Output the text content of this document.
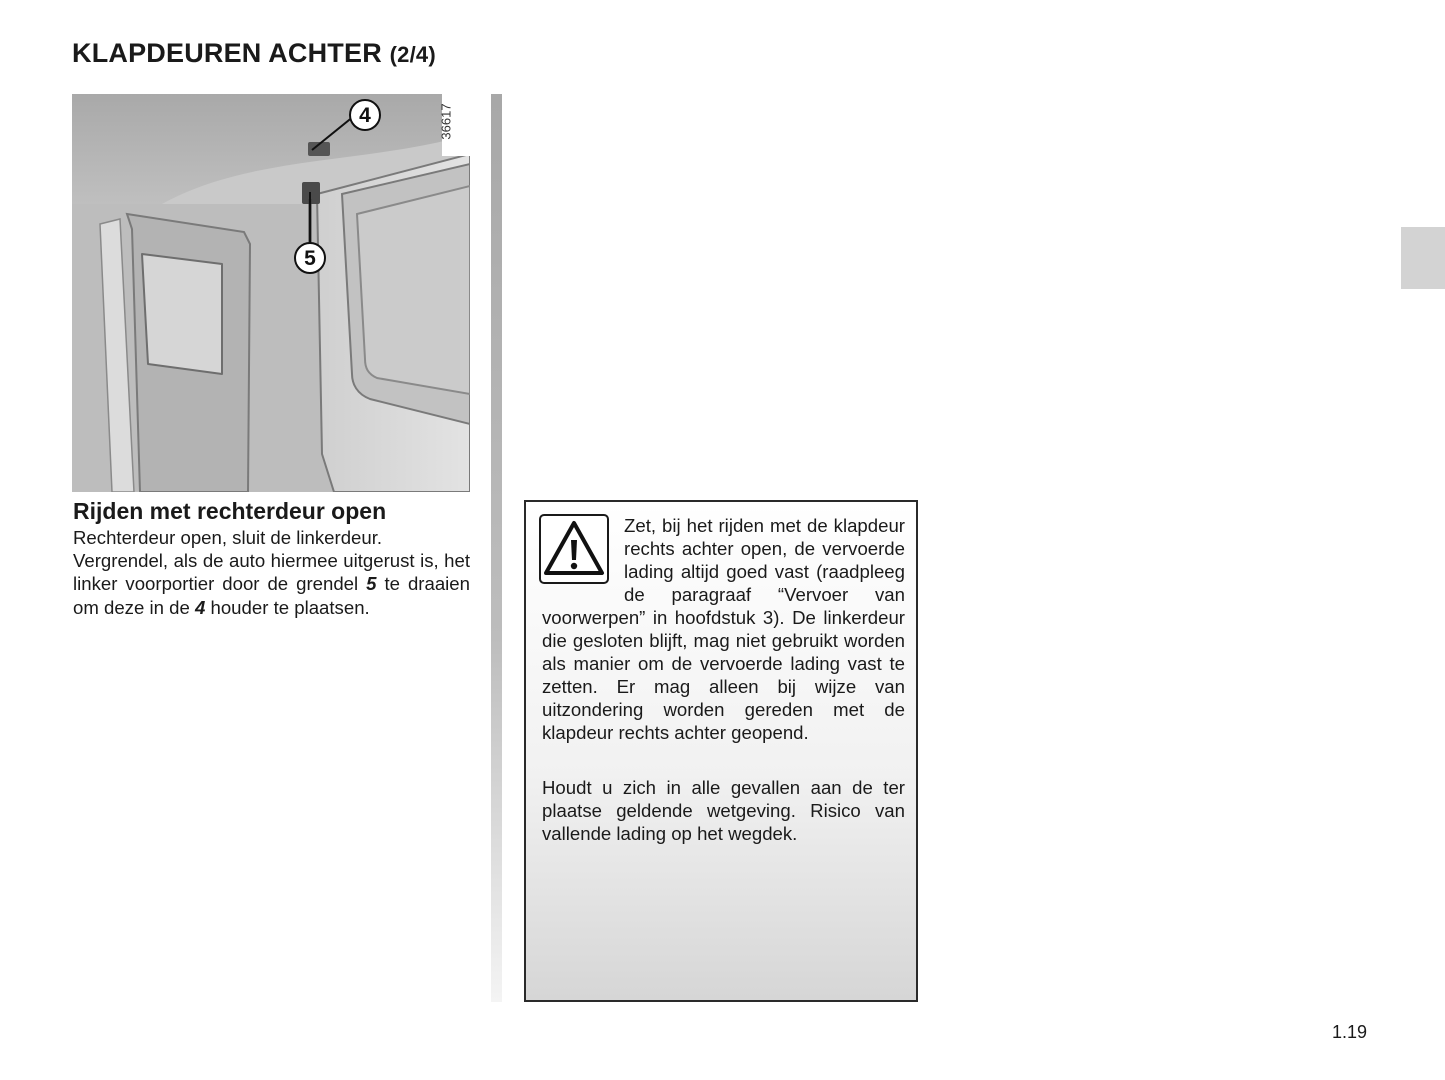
KLAPDEUREN ACHTER (2/4)
4
5
36617
Rijden met rechterdeur open

Rechterdeur open, sluit de linkerdeur.
Vergrendel, als de auto hiermee uitgerust is, het linker voorportier door de grendel 5 te draaien om deze in de 4 houder te plaatsen.

Zet, bij het rijden met de klapdeur rechts achter open, de vervoerde lading altijd goed vast (raadpleeg de paragraaf “Vervoer van voorwerpen” in hoofdstuk 3). De linkerdeur die gesloten blijft, mag niet gebruikt worden als manier om de vervoerde lading vast te zetten. Er mag alleen bij wijze van uitzondering worden gereden met de klapdeur rechts achter geopend.

Houdt u zich in alle gevallen aan de ter plaatse geldende wetgeving. Risico van vallende lading op het wegdek.

1.19
